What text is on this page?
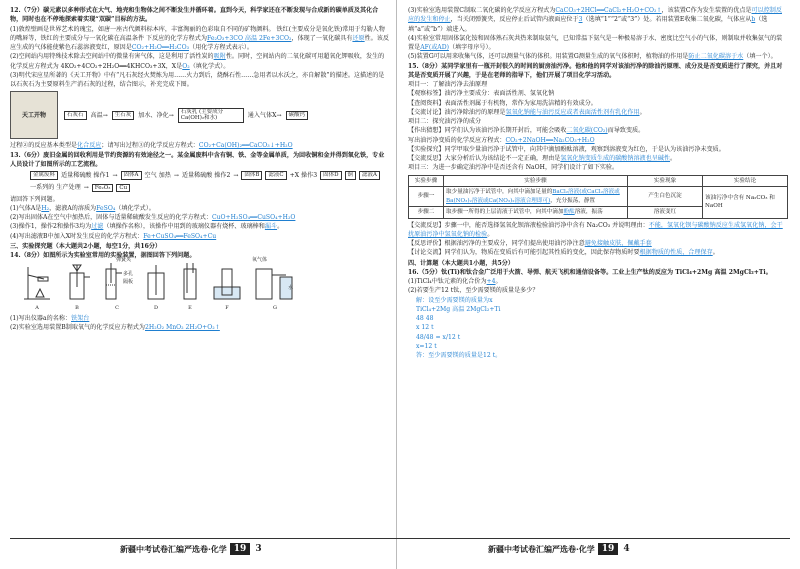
12.（7分）碳元素以多种形式在大气、地壳和生物体之间不断发生并循环着。直到今天，科学家还在不断发现与合成新的碳单质及其化合物，同时也在不停地探索着实现“双碳”目标的方法。

(1)敦煌壁画是世界艺术的瑰宝，如唐一座古代颜料标本库，丰富淘丽的色彩取自不同的矿物颜料。 铁红(主要成分是氧化铁)常用于勾勒人物的嘴唇等，铁红的主要成分与一氧化碳在高温条件 下反应的化学方程式为Fe₂O₃+3CO 高温 2Fe+3CO₂，体现了一氧化碳具有还原性。该反应生成的气体能使紫色石蕊溶液变红，原因是CO₂+H₂O══H₂CO₃（用化学方程式表示）。

(2)空间站内用特殊技术除去空间站中的微量有害气体，这是利用了活性炭的吸附性。同时，空间站内的二氧化碳可用超氧化钾吸收，发生的化学反应方程式为 4KO₂+4CO₂+2H₂O══4KHCO₃+3X，X是O₂（填化学式）。

(3)明代宋应星所著的《天工开物》中有“凡石灰经火焚炼为用……火力到后，烧酥石性……急用者以水沃之，亦自解散”的描述。这描述的是以石灰石为主要原料生产消石灰的过程，结合图示，补充完成下图。

天工开物	石灰石	高温→	生石灰	加水、净化→	石灰乳 (主要成分 Ca(OH)₂和水)	通入气体X→	碳酸钙

过程②的反应基本类型是化合反应；请写出过程③的化学反应方程式：CO₂+Ca(OH)₂══CaCO₃↓+H₂O

13.（6分）废旧金属的回收利用是节约资源的有效途径之一。某金属废料中含有铜、铁、金等金属单质，为回收铜和金并得到氧化铁，专业人员设计了如图所示的工艺流程。

金属废料 适量稀硫酸 操作1 →	固体A 空气 加热 → 适量稀硫酸 操作2 →	固体B	滤液C +X 操作3	固体D	铜	滤液A
一系列的 生产处理 →	Fe₂O₃	Cu

请回答下列问题。

(1)气体A是H₂，滤液A的溶质为FeSO₄（填化学式）。

(2)写出固体A在空气中加热后，固体与适量稀硫酸发生反应的化学方程式：CuO+H₂SO₄══CuSO₄+H₂O

(3)操作1，操作2和操作3均为过滤（填操作名称），该操作中用到的玻璃仪器有烧杯、玻璃棒和漏斗。

(4)写出滤液B中加入X时发生反应的化学方程式：Fe+CuSO₄══FeSO₄+Cu

三、实验探究题（本大题共2小题，每空1分，共16分）

14.（8分）如图所示为实验室常用的实验装置，据图回答下列问题。

A	B
弹簧夹
多孔隔板
C	D	E	F
氧气体
水
G

(1)写出仪器a的名称：铁架台

(2)实验室选用装置B制取氧气的化学反应方程式为2H₂O₂ MnO₂ 2H₂O+O₂↑

(3)实验室选用装置C制取二氧化碳的化学反应方程式为CaCO₃+2HCl══CaCl₂+H₂O+CO₂↑，该装置C作为发生装置的优点是可以控制反应的发生和停止，当关闭弹簧夹，反应停止后试管内液面应位于3（选填“1”“2”或“3”）处。若用装置E收集二氧化碳，气体应从b（选填“a”或“b”）端进入。

(4)实验室常用固体氯化铵和固体熟石灰共热来制取氨气，已知常温下氨气是一种极易溶于水、密度比空气小的气体，则制取并收集氨气的装置是AF(或AD)（填字母序号）。

(5)装置G可以用来收集气体，还可以测量气体的体积。用装置G测量生成的氧气体积时，植物油的作用是防止二氧化碳溶于水（填一个）。

15.（8分）某同学家里有一瓶开封很久的时间的厨房油污净。他和他的同学对该油污净的除油污原理、成分及是否变质进行了探究，并且对其是否变质开展了兴趣，于是在老师的指导下，他们开展了项目化学习活动。

项目一：了解油污净去油原理

【观察标签】油污净主要成分：表面活性剂、氢氧化钠

【查阅资料】表面活性剂属于有机物，常作为家用洗洁精的有效成分。

【交流讨论】油污净除油污的原理是氢氧化钠能与油污反应或者表面活性剂有乳化作用。

项目二：探究油污净的成分

【作出猜想】同学们认为该油污净长期开封后，可能会吸收二氧化碳(CO₂)而导致变质。

写出油污净变质的化学反应方程式：CO₂+2NaOH══Na₂CO₃+H₂O

【实验探究】同学甲取少量油污净于试管中，向其中滴加酚酞溶液，观察到溶液变为红色，于是认为该油污净未变质。

【交流反思】大家分析后认为该结论不一定正确，理由是氢氧化钠变质生成的碳酸钠溶液也呈碱性。

项目三：为进一步确定油污净中是否还含有 NaOH，同学们设计了如下实验。

实验步骤	实验步骤	实验现象	实验结论
步骤一	取少量油污净于试管中，向其中滴加足量的BaCl₂溶液(或CaCl₂溶液或Ba(NO₃)₂溶液或Ca(NO₃)₂溶液合理即可)，充分振荡，静置	产生白色沉淀	该油污净中含有 Na₂CO₃ 和 NaOH
步骤二	取步骤一所得的上层清液于试管中，向其中滴加酚酞溶液，振荡	溶液变红	

【交流反思】步骤一中，能否选择氢氧化钡溶液检验油污净中含有 Na₂CO₃ 并说明理由：不能，氢氧化钡与碳酸钠反应生成氢氧化钠，会干扰原油污净中氢氧化钠的检验。

【反思评价】根据油污净的主要成分，同学们提出使用油污净注意避免接触皮肤，佩戴手套

【讨论交流】同学们认为，物质在变质后有可能引起其性质的变化，因此保存物质时要根据物质的性质，合理保存。

四、计算题（本大题共1小题，共5分）

16.（5分）钛(Ti)和钛合金广泛用于火箭、导弹、航天飞机和通信设备等。工业上生产钛的反应为 TiCl₄+2Mg 高温 2MgCl₂+Ti。

(1)TiCl₄中钛元素的化合价为+4。

(2)若要生产12 t钛，至少需要镁的质量是多少？

解：设至少需要镁的质量为x

TiCl₄+2Mg 高温 2MgCl₂+Ti

48 48

x 12 t

48/48 = x/12 t

x=12 t

答：至少需要镁的质量是12 t。

新疆中考试卷汇编严选卷·化学 19	3	新疆中考试卷汇编严选卷·化学 19	4
